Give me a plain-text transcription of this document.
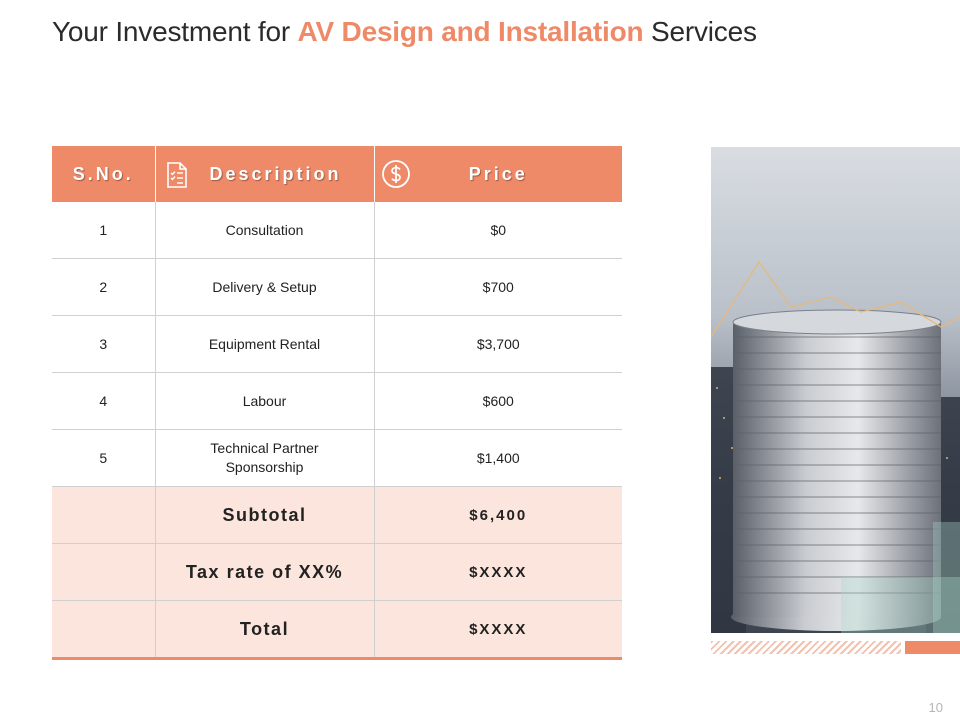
Your Investment for AV Design and Installation Services
S.No.	Description	Price

1	Consultation	$0
2	Delivery & Setup	$700
3	Equipment Rental	$3,700
4	Labour	$600
5	Technical Partner Sponsorship	$1,400
	Subtotal	$6,400
	Tax rate of XX%	$XXXX
	Total	$XXXX
10
